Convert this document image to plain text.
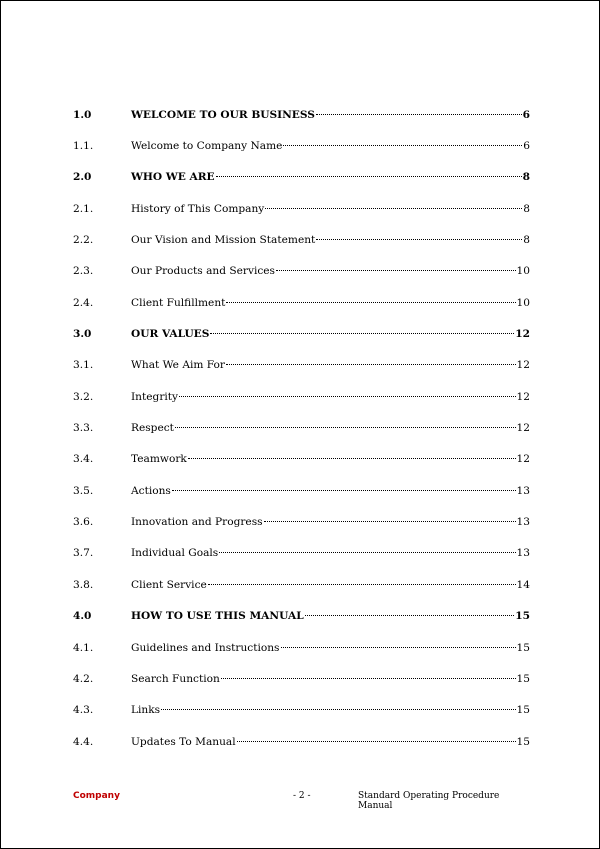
1.0	WELCOME TO OUR BUSINESS	6
1.1.	Welcome to Company Name	6
2.0	WHO WE ARE	8
2.1.	History of This Company	8
2.2.	Our Vision and Mission Statement	8
2.3.	Our Products and Services	10
2.4.	Client Fulfillment	10
3.0	OUR VALUES	12
3.1.	What We Aim For	12
3.2.	Integrity	12
3.3.	Respect	12
3.4.	Teamwork	12
3.5.	Actions	13
3.6.	Innovation and Progress	13
3.7.	Individual Goals	13
3.8.	Client Service	14
4.0	HOW TO USE THIS MANUAL	15
4.1.	Guidelines and Instructions	15
4.2.	Search Function	15
4.3.	Links	15
4.4.	Updates To Manual	15
Company	- 2 -	Standard Operating Procedure Manual
